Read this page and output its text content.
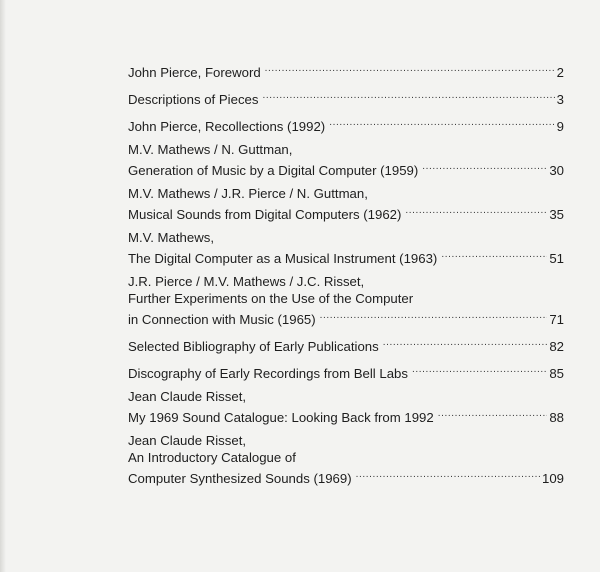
John Pierce, Foreword .....	2
Descriptions of Pieces .....	3
John Pierce, Recollections (1992) .....	9
M.V. Mathews / N. Guttman,
Generation of Music by a Digital Computer (1959) .....	30
M.V. Mathews / J.R. Pierce / N. Guttman,
Musical Sounds from Digital Computers (1962) .....	35
M.V. Mathews,
The Digital Computer as a Musical Instrument (1963) .....	51
J.R. Pierce / M.V. Mathews / J.C. Risset,
Further Experiments on the Use of the Computer
in Connection with Music (1965) .....	71
Selected Bibliography of Early Publications .....	82
Discography of Early Recordings from Bell Labs .....	85
Jean Claude Risset,
My 1969 Sound Catalogue: Looking Back from 1992 .....	88
Jean Claude Risset,
An Introductory Catalogue of
Computer Synthesized Sounds (1969) .....	109
